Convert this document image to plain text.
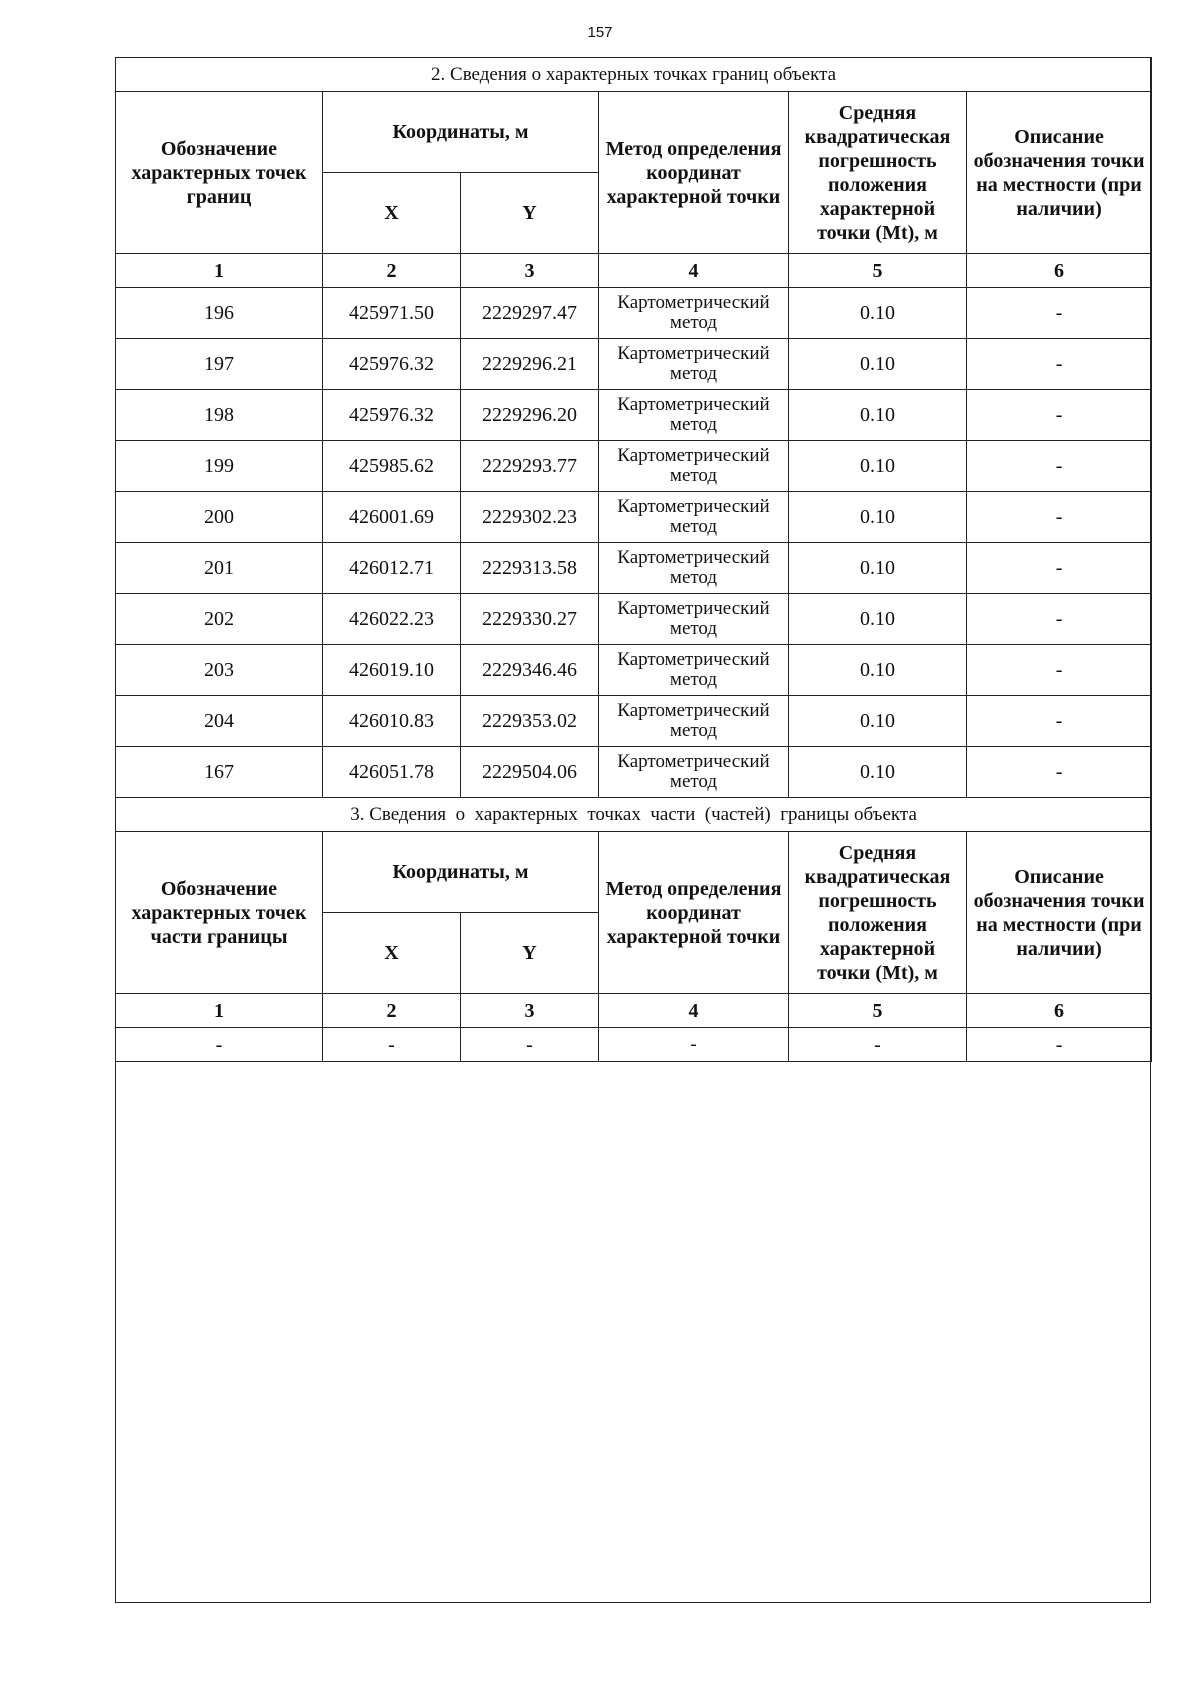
157
2. Сведения о характерных точках границ объекта					
Обозначение характерных точек границ	Координаты, м		Метод определения координат характерной точки	Средняя квадратическая погрешность положения характерной точки (Mt), м	Описание обозначения точки на местности (при наличии)
	X	Y			
1	2	3	4	5	6
196	425971.50	2229297.47	Картометрический метод	0.10	-
197	425976.32	2229296.21	Картометрический метод	0.10	-
198	425976.32	2229296.20	Картометрический метод	0.10	-
199	425985.62	2229293.77	Картометрический метод	0.10	-
200	426001.69	2229302.23	Картометрический метод	0.10	-
201	426012.71	2229313.58	Картометрический метод	0.10	-
202	426022.23	2229330.27	Картометрический метод	0.10	-
203	426019.10	2229346.46	Картометрический метод	0.10	-
204	426010.83	2229353.02	Картометрический метод	0.10	-
167	426051.78	2229504.06	Картометрический метод	0.10	-
3. Сведения  о  характерных  точках  части  (частей)  границы объекта					
Обозначение характерных точек части границы	Координаты, м		Метод определения координат характерной точки	Средняя квадратическая погрешность положения характерной точки (Mt), м	Описание обозначения точки на местности (при наличии)
	X	Y			
1	2	3	4	5	6
-	-	-	-	-	-
